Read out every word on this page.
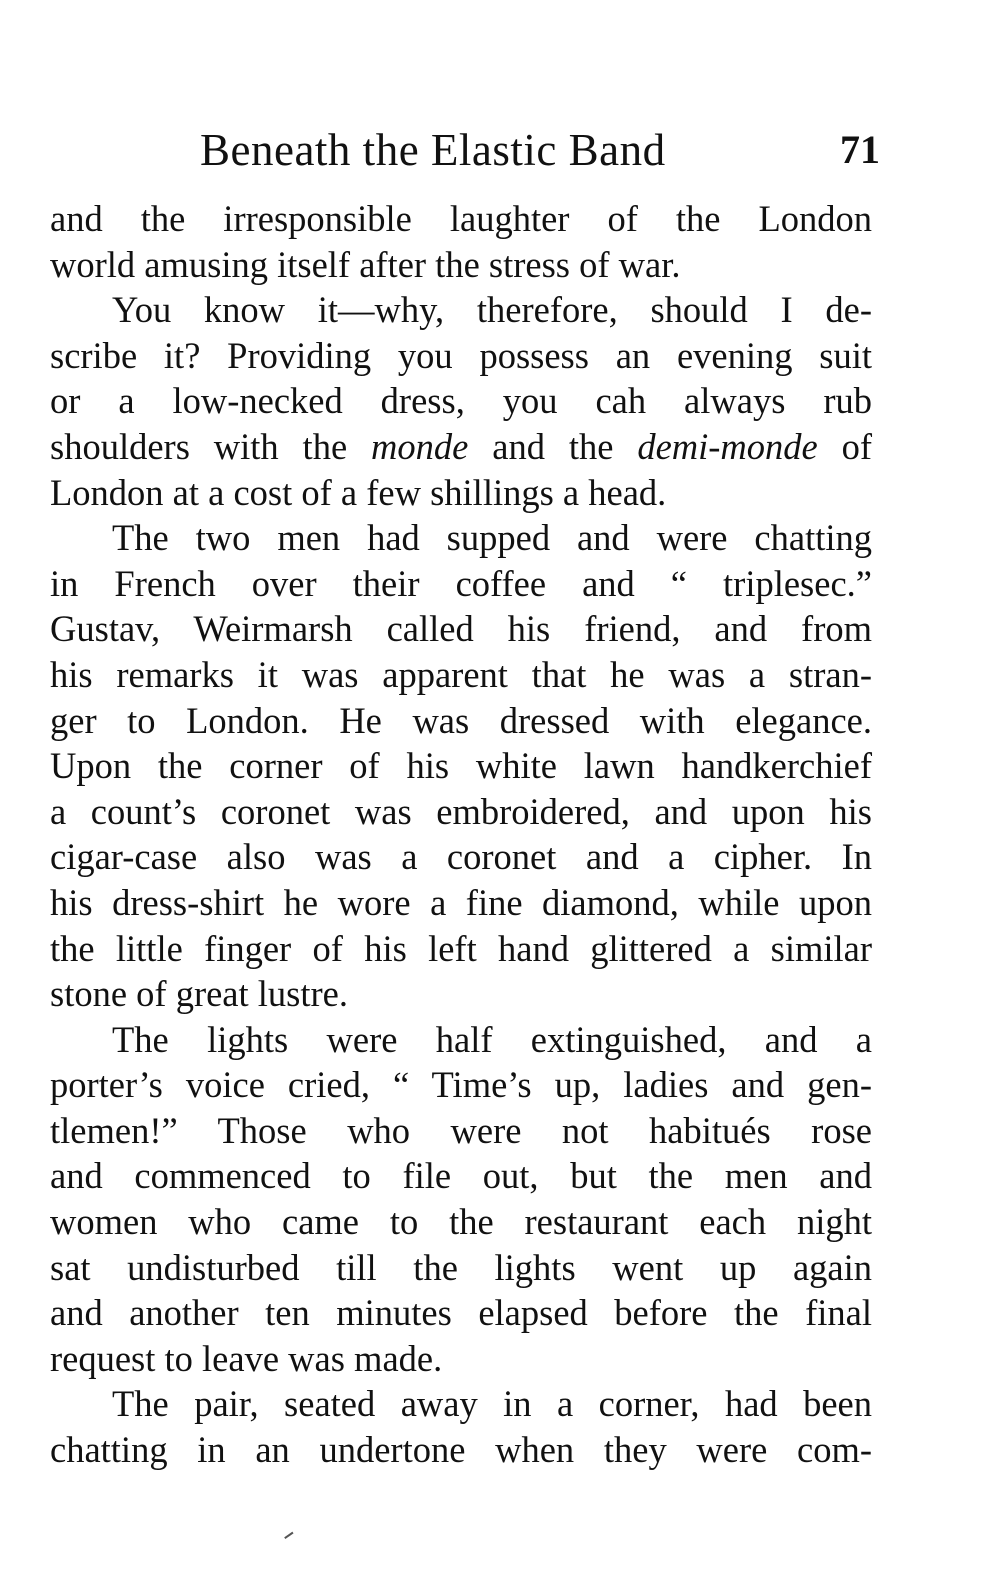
Beneath the Elastic Band	71
and the irresponsible laughter of the London
world amusing itself after the stress of war.
You know it—why, therefore, should I de-
scribe it? Providing you possess an evening suit
or a low-necked dress, you cah always rub
shoulders with the monde and the demi-monde of
London at a cost of a few shillings a head.
The two men had supped and were chatting
in French over their coffee and “ triplesec.”
Gustav, Weirmarsh called his friend, and from
his remarks it was apparent that he was a stran-
ger to London. He was dressed with elegance.
Upon the corner of his white lawn handkerchief
a count’s coronet was embroidered, and upon his
cigar-case also was a coronet and a cipher. In
his dress-shirt he wore a fine diamond, while upon
the little finger of his left hand glittered a similar
stone of great lustre.
The lights were half extinguished, and a
porter’s voice cried, “ Time’s up, ladies and gen-
tlemen!” Those who were not habitués rose
and commenced to file out, but the men and
women who came to the restaurant each night
sat undisturbed till the lights went up again
and another ten minutes elapsed before the final
request to leave was made.
The pair, seated away in a corner, had been
chatting in an undertone when they were com-
